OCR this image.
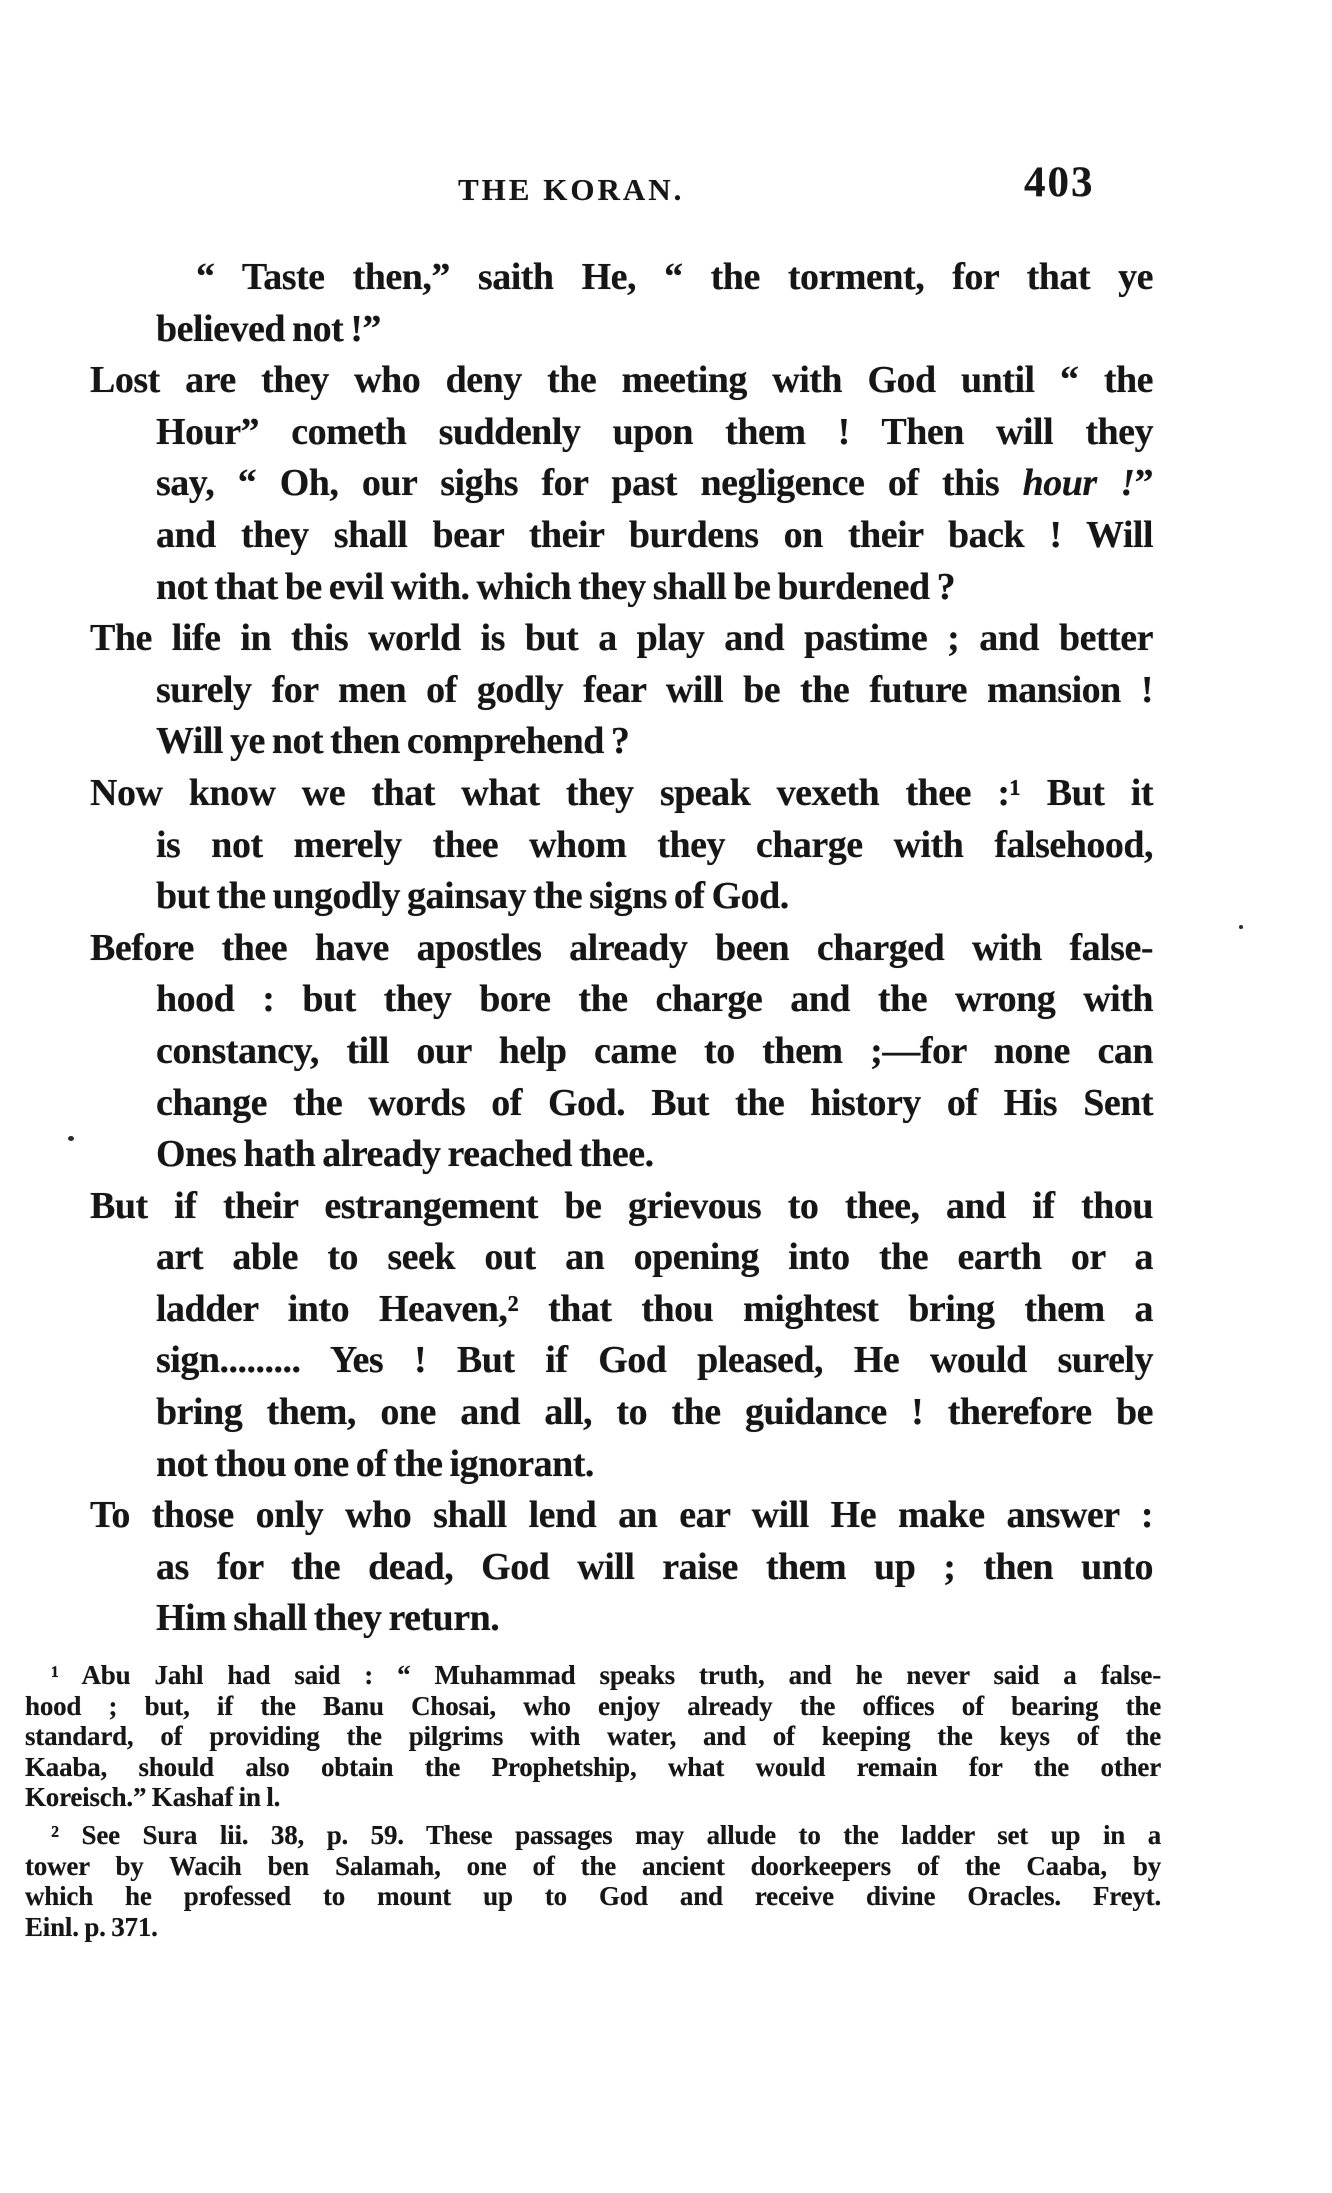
THE KORAN.	403
“ Taste then,” saith He, “ the torment, for that ye
believed not !”
Lost are they who deny the meeting with God until “ the
Hour” cometh suddenly upon them ! Then will they
say, “ Oh, our sighs for past negligence of this hour !”
and they shall bear their burdens on their back ! Will
not that be evil with. which they shall be burdened ?
The life in this world is but a play and pastime ; and better
surely for men of godly fear will be the future mansion !
Will ye not then comprehend ?
Now know we that what they speak vexeth thee :¹ But it
is not merely thee whom they charge with falsehood,
but the ungodly gainsay the signs of God.
Before thee have apostles already been charged with false-
hood : but they bore the charge and the wrong with
constancy, till our help came to them ;—for none can
change the words of God. But the history of His Sent
Ones hath already reached thee.
But if their estrangement be grievous to thee, and if thou
art able to seek out an opening into the earth or a
ladder into Heaven,² that thou mightest bring them a
sign......... Yes ! But if God pleased, He would surely
bring them, one and all, to the guidance ! therefore be
not thou one of the ignorant.
To those only who shall lend an ear will He make answer :
as for the dead, God will raise them up ; then unto
Him shall they return.
¹ Abu Jahl had said : “ Muhammad speaks truth, and he never said a false-
hood ; but, if the Banu Chosai, who enjoy already the offices of bearing the
standard, of providing the pilgrims with water, and of keeping the keys of the
Kaaba, should also obtain the Prophetship, what would remain for the other
Koreisch.” Kashaf in l.
² See Sura lii. 38, p. 59. These passages may allude to the ladder set up in a
tower by Wacih ben Salamah, one of the ancient doorkeepers of the Caaba, by
which he professed to mount up to God and receive divine Oracles. Freyt.
Einl. p. 371.
